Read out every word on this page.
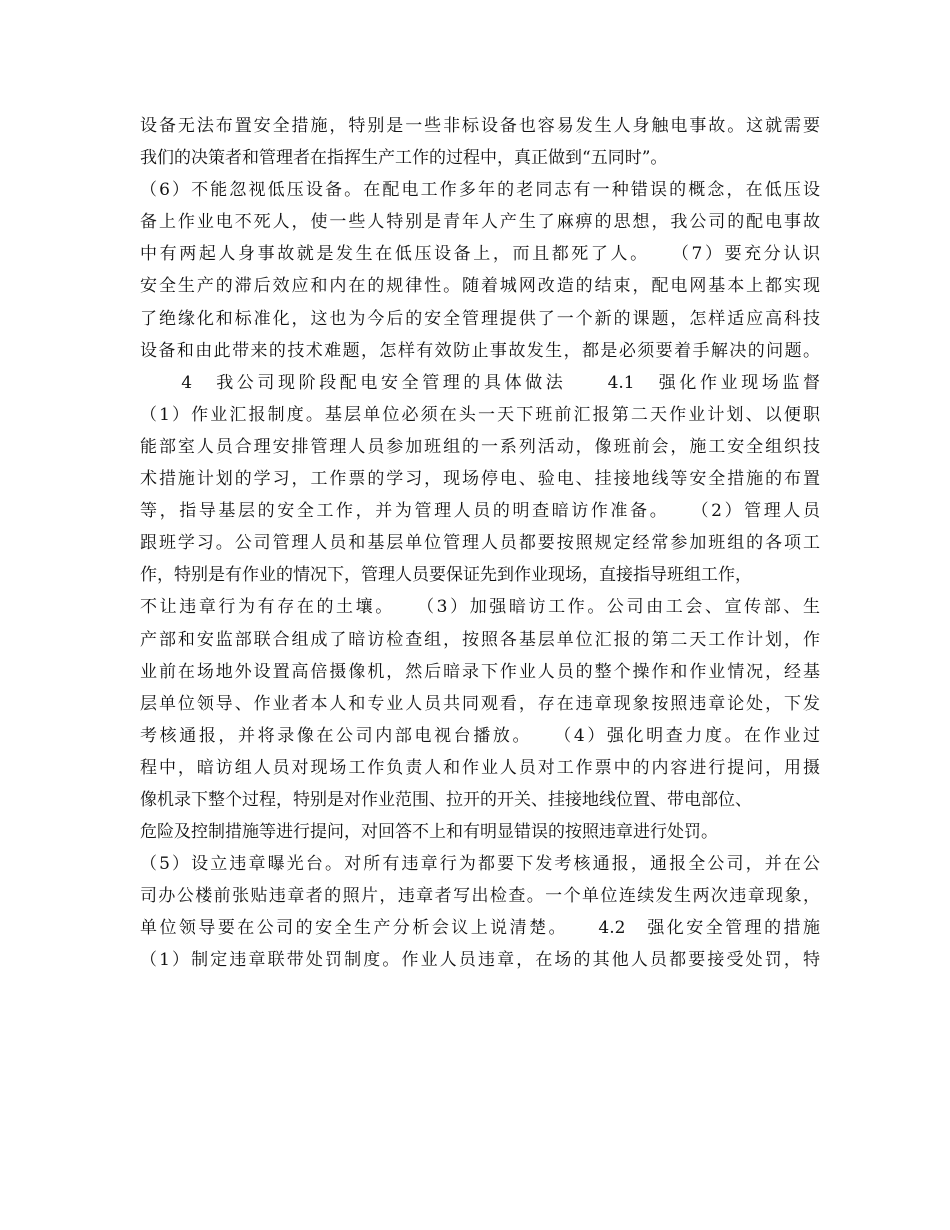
设备无法布置安全措施，特别是一些非标设备也容易发生人身触电事故。这就需要
我们的决策者和管理者在指挥生产工作的过程中，真正做到“五同时”。
（6）不能忽视低压设备。在配电工作多年的老同志有一种错误的概念，在低压设
备上作业电不死人，使一些人特别是青年人产生了麻痹的思想，我公司的配电事故
中有两起人身事故就是发生在低压设备上，而且都死了人。　　（7）要充分认识
安全生产的滞后效应和内在的规律性。随着城网改造的结束，配电网基本上都实现
了绝缘化和标准化，这也为今后的安全管理提供了一个新的课题，怎样适应高科技
设备和由此带来的技术难题，怎样有效防止事故发生，都是必须要着手解决的问题。
　　4　我公司现阶段配电安全管理的具体做法　　4.1　强化作业现场监督
（1）作业汇报制度。基层单位必须在头一天下班前汇报第二天作业计划、以便职
能部室人员合理安排管理人员参加班组的一系列活动，像班前会，施工安全组织技
术措施计划的学习，工作票的学习，现场停电、验电、挂接地线等安全措施的布置
等，指导基层的安全工作，并为管理人员的明查暗访作准备。　　（2）管理人员
跟班学习。公司管理人员和基层单位管理人员都要按照规定经常参加班组的各项工
作，特别是有作业的情况下，管理人员要保证先到作业现场，直接指导班组工作，
不让违章行为有存在的土壤。　　（3）加强暗访工作。公司由工会、宣传部、生
产部和安监部联合组成了暗访检查组，按照各基层单位汇报的第二天工作计划，作
业前在场地外设置高倍摄像机，然后暗录下作业人员的整个操作和作业情况，经基
层单位领导、作业者本人和专业人员共同观看，存在违章现象按照违章论处，下发
考核通报，并将录像在公司内部电视台播放。　　（4）强化明查力度。在作业过
程中，暗访组人员对现场工作负责人和作业人员对工作票中的内容进行提问，用摄
像机录下整个过程，特别是对作业范围、拉开的开关、挂接地线位置、带电部位、
危险及控制措施等进行提问，对回答不上和有明显错误的按照违章进行处罚。
（5）设立违章曝光台。对所有违章行为都要下发考核通报，通报全公司，并在公
司办公楼前张贴违章者的照片，违章者写出检查。一个单位连续发生两次违章现象，
单位领导要在公司的安全生产分析会议上说清楚。　　4.2　强化安全管理的措施
（1）制定违章联带处罚制度。作业人员违章，在场的其他人员都要接受处罚，特
